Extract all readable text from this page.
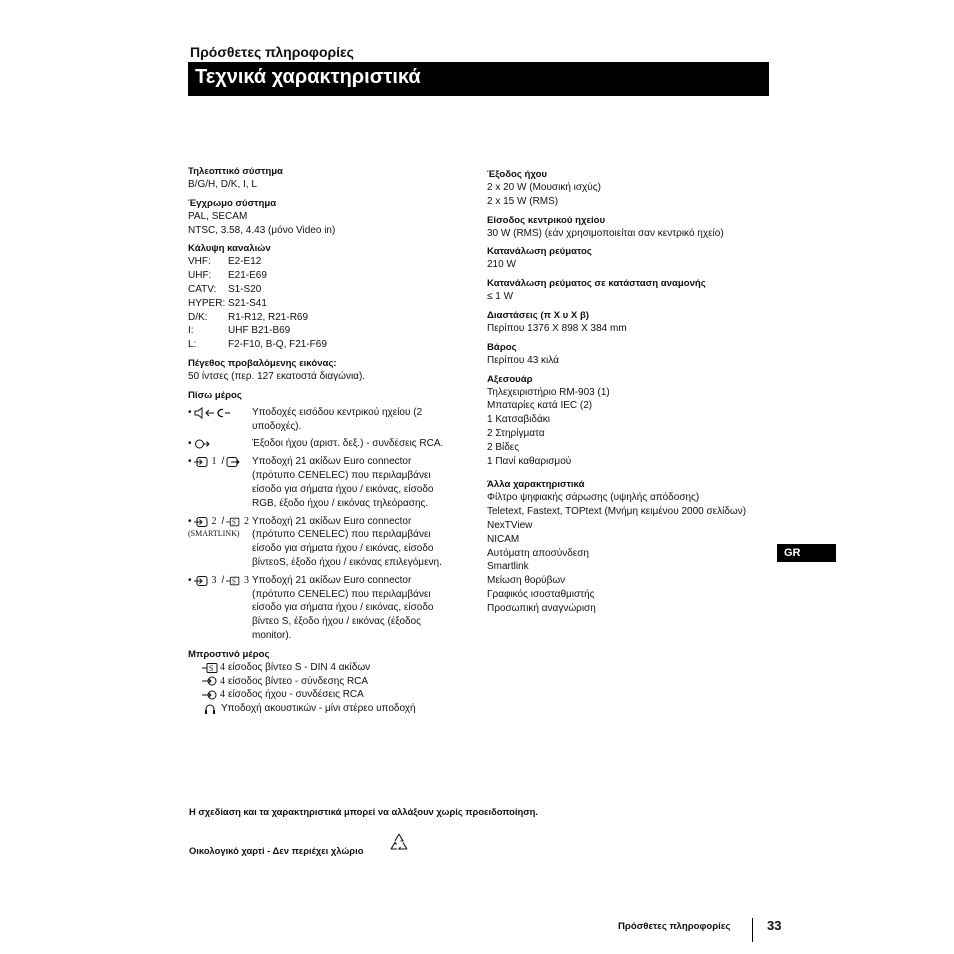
Πρόσθετες πληροφορίες
Τεχνικά χαρακτηριστικά
Τηλεοπτικό σύστημα
B/G/H, D/K, I, L
Έγχρωμο σύστημα
PAL, SECAM
NTSC, 3.58, 4.43 (μόνο Video in)
Κάλυψη καναλιών
VHF:	E2-E12
UHF:	E21-E69
CATV:	S1-S20
HYPER: S21-S41
D/K:	R1-R12, R21-R69
I:	UHF B21-B69
L:	F2-F10, B-Q, F21-F69
Πέγεθος προβαλόμενης εικόνας:
50 ίντσες (περ. 127 εκατοστά διαγώνια).
Πίσω μέρος
•	Υποδοχές εισόδου κεντρικού ηχείου (2
υποδοχές).
•	Έξοδοι ήχου (αριστ. δεξ.) - συνδέσεις RCA.
• 1 /	Υποδοχή 21 ακίδων Euro connector
(πρότυπο CENELEC) που περιλαμβάνει
είσοδο για σήματα ήχου / εικόνας, είσοδο
RGB, έξοδο ήχου / εικόνας τηλεόρασης.
• 2 / S 2
(SMARTLINK)
Υποδοχή 21 ακίδων Euro connector
(πρότυπο CENELEC) που περιλαμβάνει
είσοδο για σήματα ήχου / εικόνας, είσοδο
βίντεοS, έξοδο ήχου / εικόνας επιλεγόμενη.
• 3 / S 3 Υποδοχή 21 ακίδων Euro connector
(πρότυπο CENELEC) που περιλαμβάνει
είσοδο για σήματα ήχου / εικόνας, είσοδο
βίντεο S, έξοδο ήχου / εικόνας (έξοδος
monitor).
Μπροστινό μέρος
S 4 είσοδος βίντεο S - DIN 4 ακίδων
4 είσοδος βίντεο - σύνδεσης RCA
4 είσοδος ήχου - συνδέσεις RCA
Υποδοχή ακουστικών - μίνι στέρεο υποδοχή
Έξοδος ήχου
2 x 20 W (Μουσική ισχύς)
2 x 15 W (RMS)
Είσοδος κεντρικού ηχείου
30 W (RMS) (εάν χρησιμοποιείται σαν κεντρικό ηχείο)
Κατανάλωση ρεύματος
210 W
Κατανάλωση ρεύματος σε κατάσταση αναμονής
≤ 1 W
Διαστάσεις (π X υ X β)
Περίπου 1376 X 898 X 384 mm
Βάρος
Περίπου 43 κιλά
Αξεσουάρ
Τηλεχειριστήριο RM-903 (1)
Μπαταρίες κατά IEC (2)
1 Κατσαβιδάκι
2 Στηρίγματα
2 Βίδες
1 Πανί καθαρισμού
Άλλα χαρακτηριστικά
Φίλτρο ψηφιακής σάρωσης (υψηλής απόδοσης)
Teletext, Fastext, TOPtext (Μνήμη κειμένου 2000 σελίδων)
NexTView
NICAM
Αυτόματη αποσύνδεση
Smartlink
Μείωση θορύβων
Γραφικός ισοσταθμιστής
Προσωπική αναγνώριση
GR
Η σχεδίαση και τα χαρακτηριστικά μπορεί να αλλάξουν χωρίς προειδοποίηση.
Οικολογικό χαρτί - Δεν περιέχει χλώριο
Πρόσθετες πληροφορίες	33
